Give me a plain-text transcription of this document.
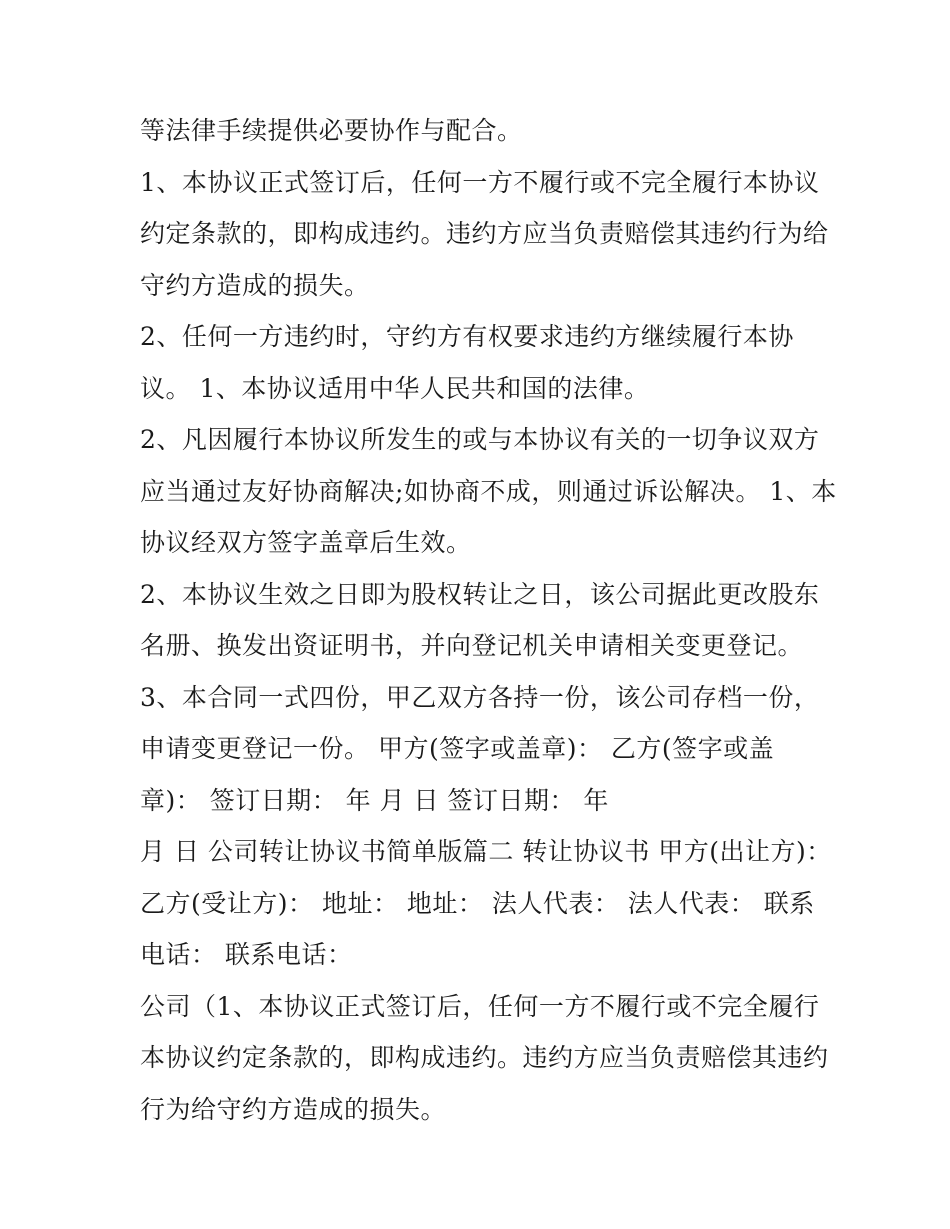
等法律手续提供必要协作与配合。
1、本协议正式签订后，任何一方不履行或不完全履行本协议
约定条款的，即构成违约。违约方应当负责赔偿其违约行为给
守约方造成的损失。
2、任何一方违约时，守约方有权要求违约方继续履行本协
议。 1、本协议适用中华人民共和国的法律。
2、凡因履行本协议所发生的或与本协议有关的一切争议双方
应当通过友好协商解决;如协商不成，则通过诉讼解决。 1、本
协议经双方签字盖章后生效。
2、本协议生效之日即为股权转让之日，该公司据此更改股东
名册、换发出资证明书，并向登记机关申请相关变更登记。
3、本合同一式四份，甲乙双方各持一份，该公司存档一份，
申请变更登记一份。 甲方(签字或盖章)： 乙方(签字或盖
章)： 签订日期： 年 月 日 签订日期： 年
月 日 公司转让协议书简单版篇二 转让协议书 甲方(出让方)：
乙方(受让方)： 地址： 地址： 法人代表： 法人代表： 联系
电话： 联系电话：
公司（1、本协议正式签订后，任何一方不履行或不完全履行
本协议约定条款的，即构成违约。违约方应当负责赔偿其违约
行为给守约方造成的损失。
